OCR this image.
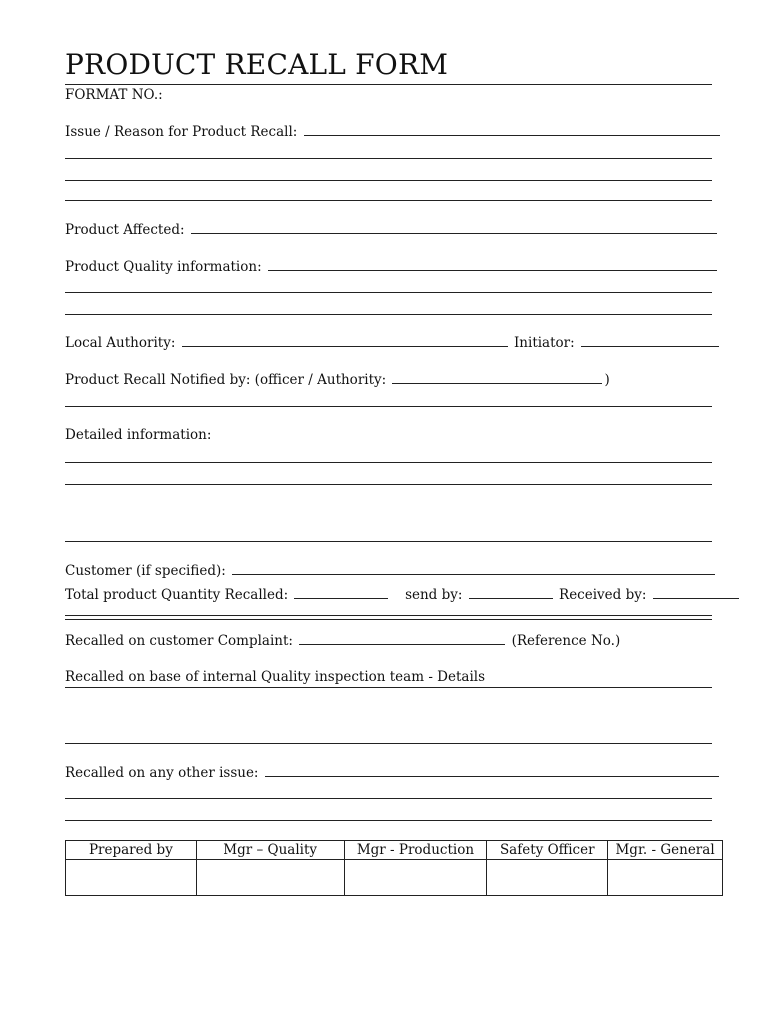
PRODUCT RECALL FORM
FORMAT NO.:
Issue / Reason for Product Recall:
Product Affected:
Product Quality information:
Local Authority:	Initiator:
Product Recall Notified by: (officer / Authority:	)
Detailed information:
Customer (if specified):
Total product Quantity Recalled:	send by:	Received by:
Recalled on customer Complaint:	(Reference No.)
Recalled on base of internal Quality inspection team - Details
Recalled on any other issue:
Prepared by	Mgr – Quality	Mgr - Production	Safety Officer	Mgr. - General
